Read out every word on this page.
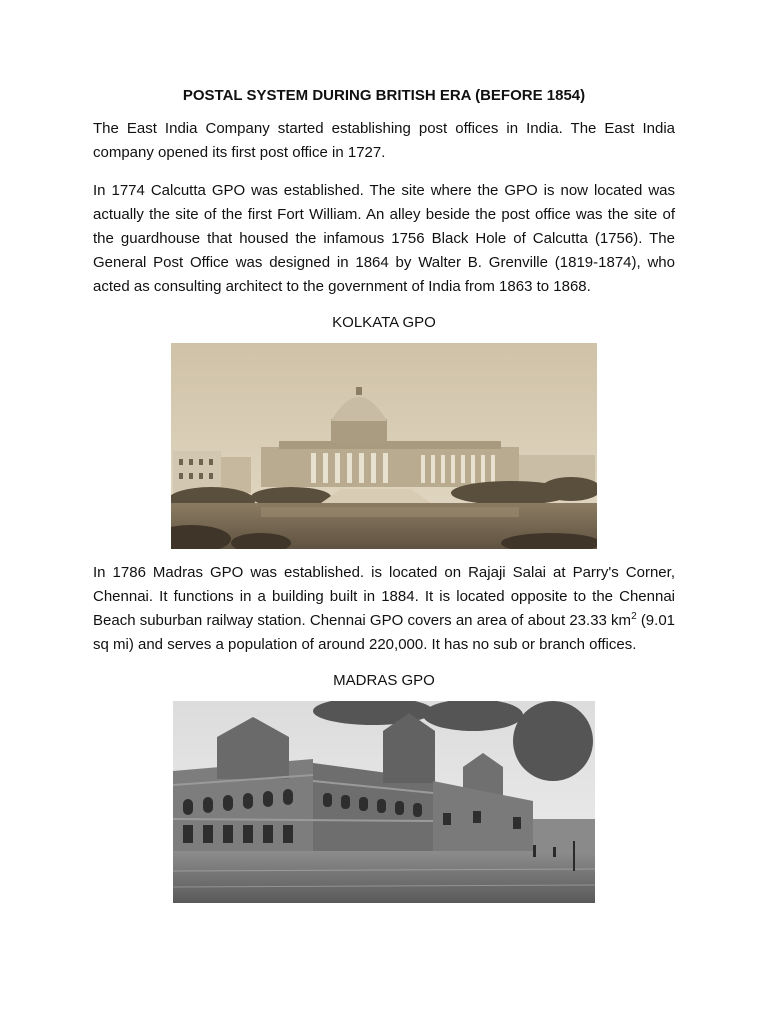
POSTAL SYSTEM DURING BRITISH ERA (BEFORE 1854)

The East India Company started establishing post offices in India. The East India company opened its first post office in 1727.

In 1774 Calcutta GPO was established. The site where the GPO is now located was actually the site of the first Fort William. An alley beside the post office was the site of the guardhouse that housed the infamous 1756 Black Hole of Calcutta (1756). The General Post Office was designed in 1864 by Walter B. Grenville (1819-1874), who acted as consulting architect to the government of India from 1863 to 1868.

KOLKATA GPO

In 1786 Madras GPO was established. is located on Rajaji Salai at Parry's Corner, Chennai. It functions in a building built in 1884. It is located opposite to the Chennai Beach suburban railway station. Chennai GPO covers an area of about 23.33 $km^2$ (9.01 sq mi) and serves a population of around 220,000. It has no sub or branch offices.

MADRAS GPO
